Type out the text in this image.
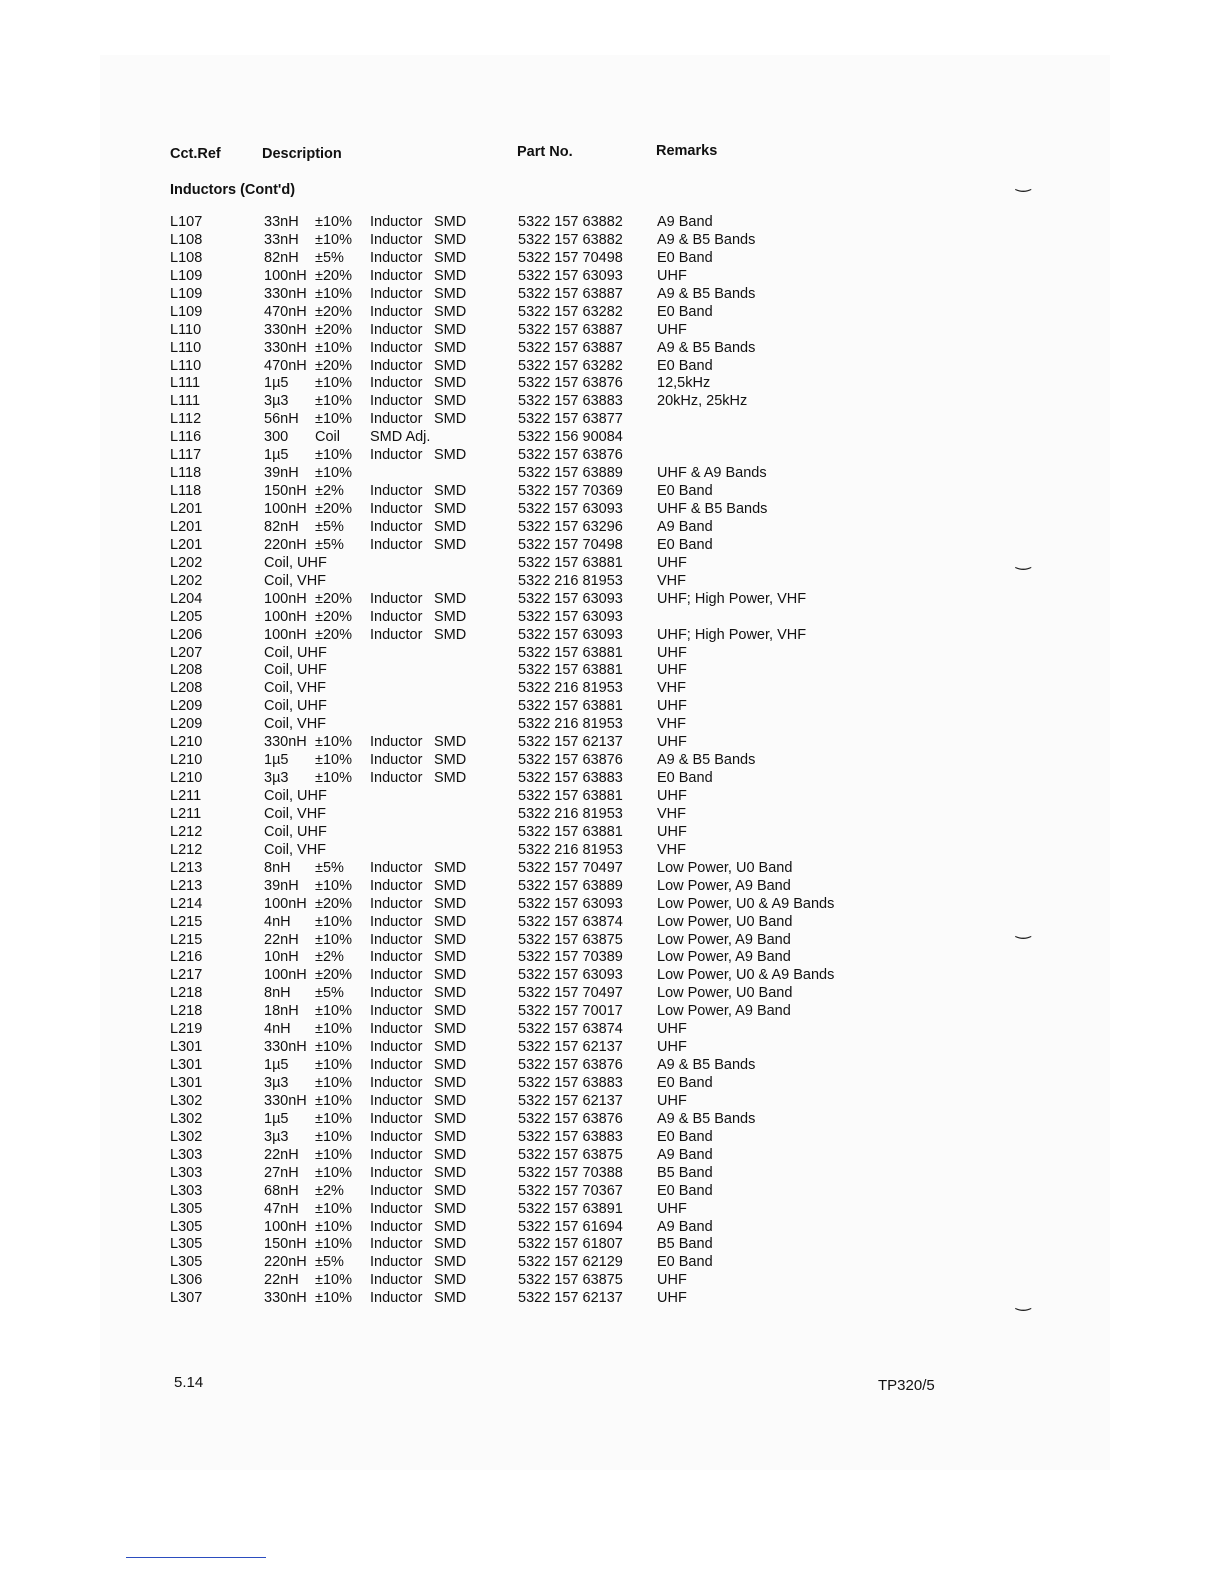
Cct.Ref	Description	Part No.	Remarks
Inductors (Cont'd)
L107	33nH ±10% Inductor SMD	5322 157 63882 A9 Band
L108	33nH ±10% Inductor SMD	5322 157 63882 A9 & B5 Bands
L108	82nH ±5% Inductor SMD	5322 157 70498 E0 Band
L109	100nH ±20% Inductor SMD	5322 157 63093 UHF
L109	330nH ±10% Inductor SMD	5322 157 63887 A9 & B5 Bands
L109	470nH ±20% Inductor SMD	5322 157 63282 E0 Band
L110	330nH ±20% Inductor SMD	5322 157 63887 UHF
L110	330nH ±10% Inductor SMD	5322 157 63887 A9 & B5 Bands
L110	470nH ±20% Inductor SMD	5322 157 63282 E0 Band
L111	1µ5 ±10% Inductor SMD	5322 157 63876 12,5kHz
L111	3µ3 ±10% Inductor SMD	5322 157 63883 20kHz, 25kHz
L112	56nH ±10% Inductor SMD	5322 157 63877
L116	300 Coil SMD Adj.	5322 156 90084
L117	1µ5 ±10% Inductor SMD	5322 157 63876
L118	39nH ±10%	5322 157 63889 UHF & A9 Bands
L118	150nH ±2% Inductor SMD	5322 157 70369 E0 Band
L201	100nH ±20% Inductor SMD	5322 157 63093 UHF & B5 Bands
L201	82nH ±5% Inductor SMD	5322 157 63296 A9 Band
L201	220nH ±5% Inductor SMD	5322 157 70498 E0 Band
L202	Coil, UHF	5322 157 63881 UHF
L202	Coil, VHF	5322 216 81953 VHF
L204	100nH ±20% Inductor SMD	5322 157 63093 UHF; High Power, VHF
L205	100nH ±20% Inductor SMD	5322 157 63093
L206	100nH ±20% Inductor SMD	5322 157 63093 UHF; High Power, VHF
L207	Coil, UHF	5322 157 63881 UHF
L208	Coil, UHF	5322 157 63881 UHF
L208	Coil, VHF	5322 216 81953 VHF
L209	Coil, UHF	5322 157 63881 UHF
L209	Coil, VHF	5322 216 81953 VHF
L210	330nH ±10% Inductor SMD	5322 157 62137 UHF
L210	1µ5 ±10% Inductor SMD	5322 157 63876 A9 & B5 Bands
L210	3µ3 ±10% Inductor SMD	5322 157 63883 E0 Band
L211	Coil, UHF	5322 157 63881 UHF
L211	Coil, VHF	5322 216 81953 VHF
L212	Coil, UHF	5322 157 63881 UHF
L212	Coil, VHF	5322 216 81953 VHF
L213	8nH ±5% Inductor SMD	5322 157 70497 Low Power, U0 Band
L213	39nH ±10% Inductor SMD	5322 157 63889 Low Power, A9 Band
L214	100nH ±20% Inductor SMD	5322 157 63093 Low Power, U0 & A9 Bands
L215	4nH ±10% Inductor SMD	5322 157 63874 Low Power, U0 Band
L215	22nH ±10% Inductor SMD	5322 157 63875 Low Power, A9 Band
L216	10nH ±2% Inductor SMD	5322 157 70389 Low Power, A9 Band
L217	100nH ±20% Inductor SMD	5322 157 63093 Low Power, U0 & A9 Bands
L218	8nH ±5% Inductor SMD	5322 157 70497 Low Power, U0 Band
L218	18nH ±10% Inductor SMD	5322 157 70017 Low Power, A9 Band
L219	4nH ±10% Inductor SMD	5322 157 63874 UHF
L301	330nH ±10% Inductor SMD	5322 157 62137 UHF
L301	1µ5 ±10% Inductor SMD	5322 157 63876 A9 & B5 Bands
L301	3µ3 ±10% Inductor SMD	5322 157 63883 E0 Band
L302	330nH ±10% Inductor SMD	5322 157 62137 UHF
L302	1µ5 ±10% Inductor SMD	5322 157 63876 A9 & B5 Bands
L302	3µ3 ±10% Inductor SMD	5322 157 63883 E0 Band
L303	22nH ±10% Inductor SMD	5322 157 63875 A9 Band
L303	27nH ±10% Inductor SMD	5322 157 70388 B5 Band
L303	68nH ±2% Inductor SMD	5322 157 70367 E0 Band
L305	47nH ±10% Inductor SMD	5322 157 63891 UHF
L305	100nH ±10% Inductor SMD	5322 157 61694 A9 Band
L305	150nH ±10% Inductor SMD	5322 157 61807 B5 Band
L305	220nH ±5% Inductor SMD	5322 157 62129 E0 Band
L306	22nH ±10% Inductor SMD	5322 157 63875 UHF
L307	330nH ±10% Inductor SMD	5322 157 62137 UHF
5.14	TP320/5
‿
‿
‿
‿
